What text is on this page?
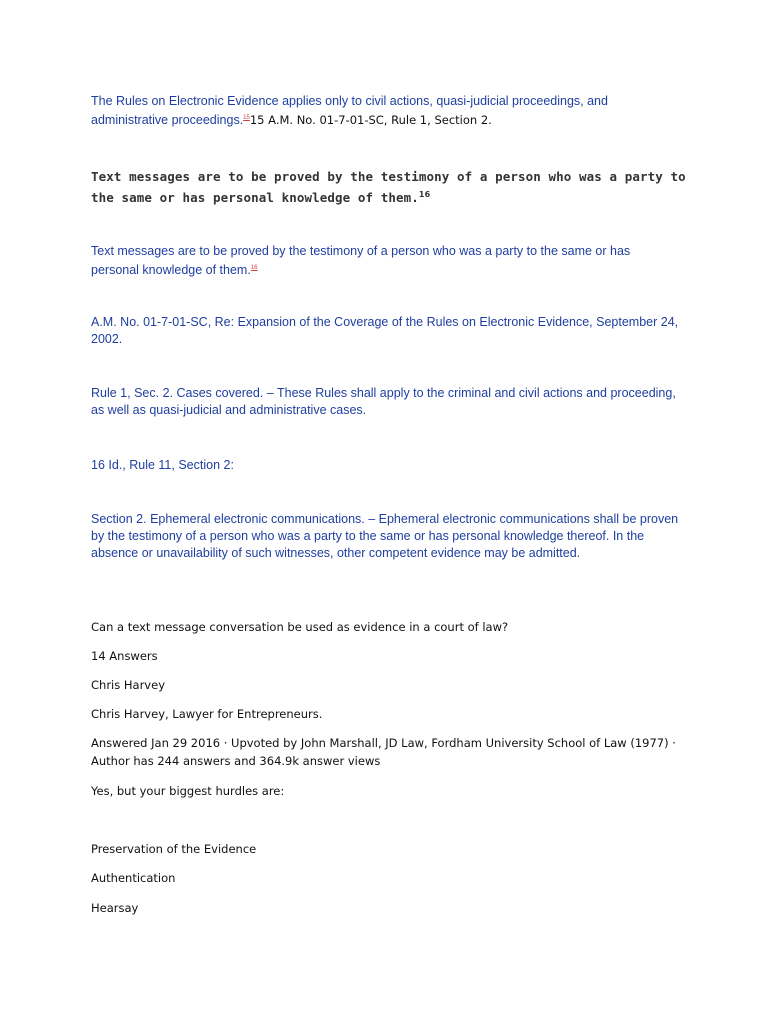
The Rules on Electronic Evidence applies only to civil actions, quasi-judicial proceedings, and administrative proceedings.$^{15}$15 A.M. No. 01-7-01-SC, Rule 1, Section 2.

Text messages are to be proved by the testimony of a person who was a party to the same or has personal knowledge of them.$^{16}$

Text messages are to be proved by the testimony of a person who was a party to the same or has personal knowledge of them.$^{16}$

A.M. No. 01-7-01-SC, Re: Expansion of the Coverage of the Rules on Electronic Evidence, September 24, 2002.

Rule 1, Sec. 2. Cases covered. – These Rules shall apply to the criminal and civil actions and proceeding, as well as quasi-judicial and administrative cases.

16 Id., Rule 11, Section 2:

Section 2. Ephemeral electronic communications. – Ephemeral electronic communications shall be proven by the testimony of a person who was a party to the same or has personal knowledge thereof. In the absence or unavailability of such witnesses, other competent evidence may be admitted.

Can a text message conversation be used as evidence in a court of law?

14 Answers

Chris Harvey

Chris Harvey, Lawyer for Entrepreneurs.

Answered Jan 29 2016 · Upvoted by John Marshall, JD Law, Fordham University School of Law (1977) · Author has 244 answers and 364.9k answer views

Yes, but your biggest hurdles are:

Preservation of the Evidence

Authentication

Hearsay
